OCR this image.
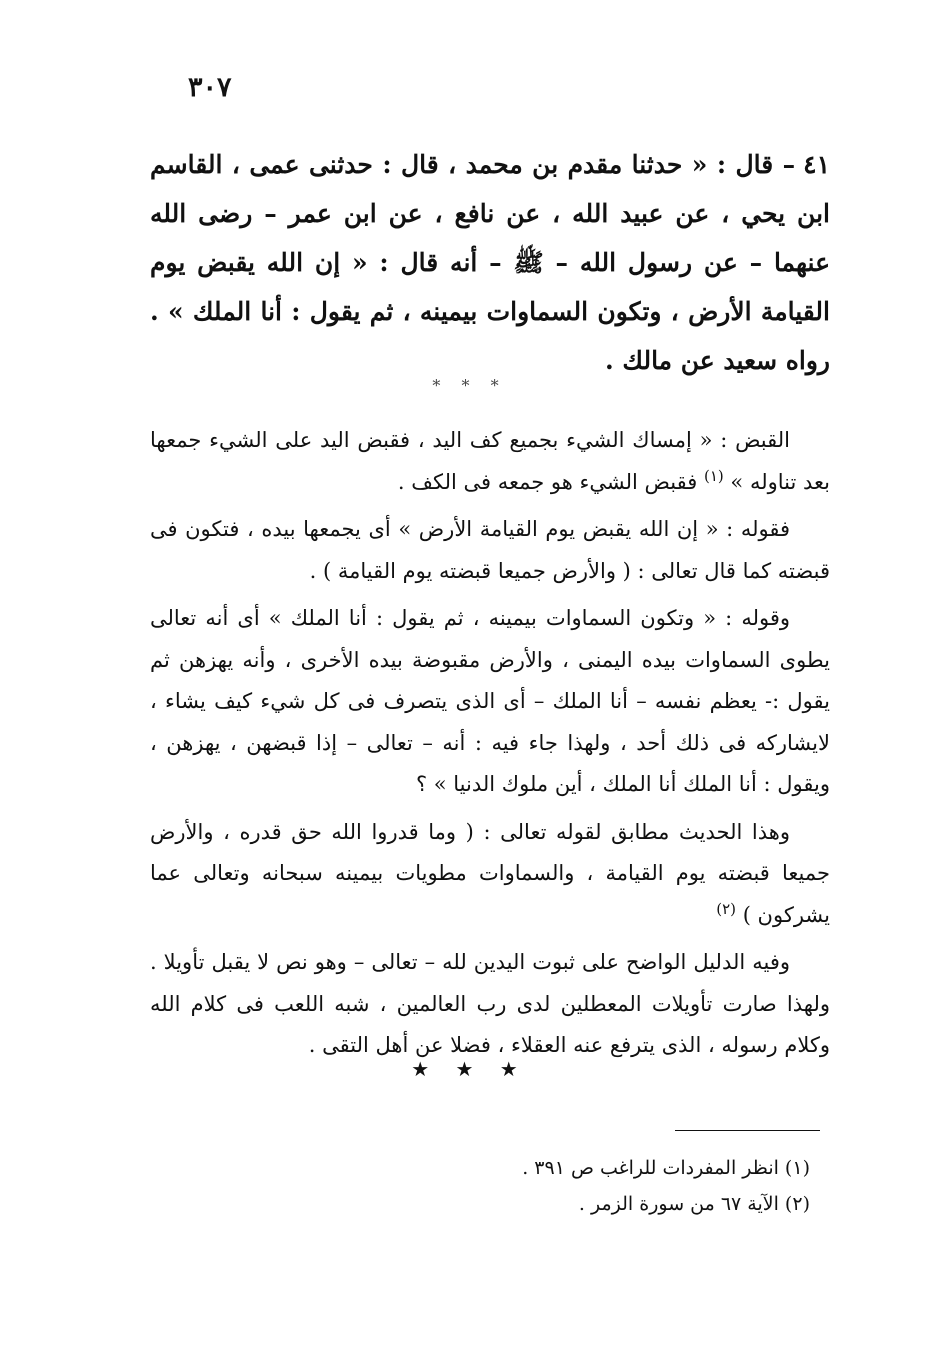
٣٠٧
٤١– قال : « حدثنا مقدم بن محمد ، قال : حدثنى عمى ، القاسم ابن يحي ، عن عبيد الله ، عن نافع ، عن ابن عمر – رضى الله عنهما – عن رسول الله – ﷺ – أنه قال : « إن الله يقبض يوم القيامة الأرض ، وتكون السماوات بيمينه ، ثم يقول : أنا الملك » . رواه سعيد عن مالك .
* * *

القبض : « إمساك الشيء بجميع كف اليد ، فقبض اليد على الشيء جمعها بعد تناوله » $^{(١)}$ فقبض الشيء هو جمعه فى الكف .

فقوله : « إن الله يقبض يوم القيامة الأرض » أى يجمعها بيده ، فتكون فى قبضته كما قال تعالى : ( والأرض جميعا قبضته يوم القيامة ) .

وقوله : « وتكون السماوات بيمينه ، ثم يقول : أنا الملك » أى أنه تعالى يطوى السماوات بيده اليمنى ، والأرض مقبوضة بيده الأخرى ، وأنه يهزهن ثم يقول :- يعظم نفسه – أنا الملك – أى الذى يتصرف فى كل شيء كيف يشاء ، لايشاركه فى ذلك أحد ، ولهذا جاء فيه : أنه – تعالى – إذا قبضهن ، يهزهن ، ويقول : أنا الملك أنا الملك ، أين ملوك الدنيا » ؟

وهذا الحديث مطابق لقوله تعالى : ( وما قدروا الله حق قدره ، والأرض جميعا قبضته يوم القيامة ، والسماوات مطويات بيمينه سبحانه وتعالى عما يشركون ) $^{(٢)}$

وفيه الدليل الواضح على ثبوت اليدين لله – تعالى – وهو نص لا يقبل تأويلا . ولهذا صارت تأويلات المعطلين لدى رب العالمين ، شبه اللعب فى كلام الله وكلام رسوله ، الذى يترفع عنه العقلاء ، فضلا عن أهل التقى .

★ ★ ★
(١) انظر المفردات للراغب ص ٣٩١ .
(٢) الآية ٦٧ من سورة الزمر .
